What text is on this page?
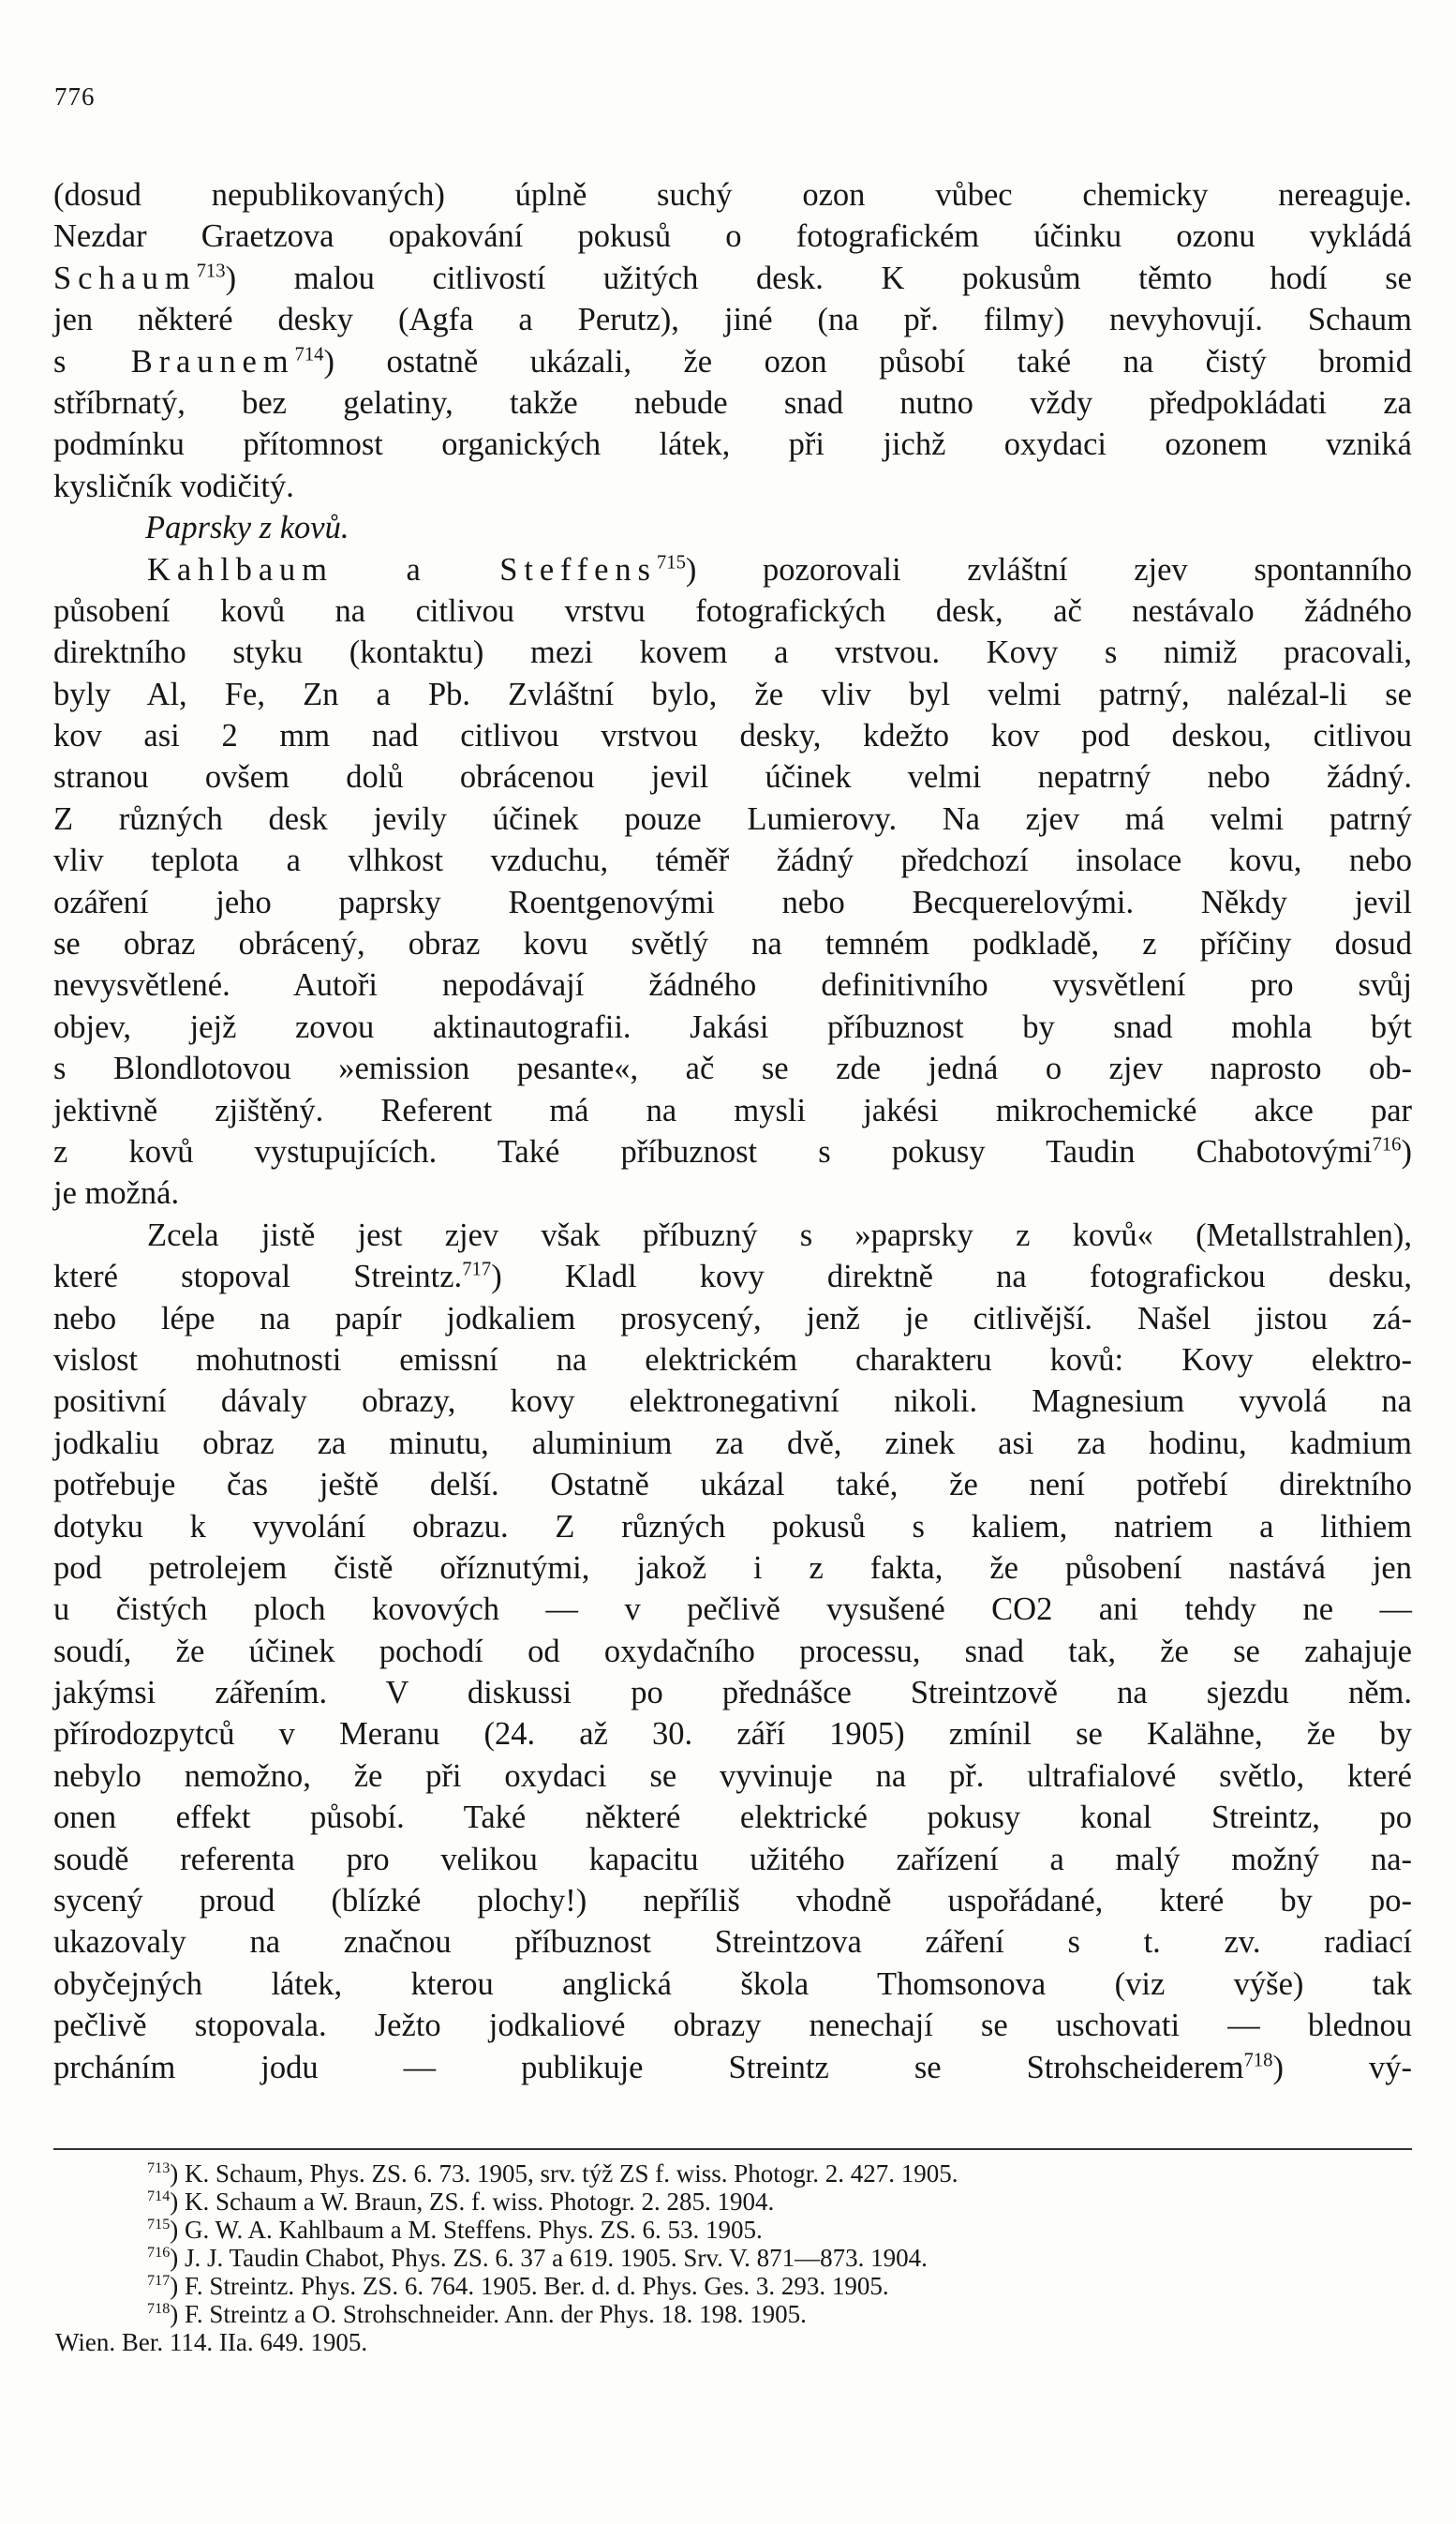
776
(dosud nepublikovaných) úplně suchý ozon vůbec chemicky nereaguje.
Nezdar Graetzova opakování pokusů o fotografickém účinku ozonu vykládá
Schaum$^{713}$) malou citlivostí užitých desk. K pokusům těmto hodí se
jen některé desky (Agfa a Perutz), jiné (na př. filmy) nevyhovují. Schaum
s Braunem$^{714}$) ostatně ukázali, že ozon působí také na čistý bromid
stříbrnatý, bez gelatiny, takže nebude snad nutno vždy předpokládati za
podmínku přítomnost organických látek, při jichž oxydaci ozonem vzniká
kysličník vodičitý.
Paprsky z kovů.
Kahlbaum a Steffens$^{715}$) pozorovali zvláštní zjev spontanního
působení kovů na citlivou vrstvu fotografických desk, ač nestávalo žádného
direktního styku (kontaktu) mezi kovem a vrstvou. Kovy s nimiž pracovali,
byly Al, Fe, Zn a Pb. Zvláštní bylo, že vliv byl velmi patrný, nalézal-li se
kov asi 2 mm nad citlivou vrstvou desky, kdežto kov pod deskou, citlivou
stranou ovšem dolů obrácenou jevil účinek velmi nepatrný nebo žádný.
Z různých desk jevily účinek pouze Lumierovy. Na zjev má velmi patrný
vliv teplota a vlhkost vzduchu, téměř žádný předchozí insolace kovu, nebo
ozáření jeho paprsky Roentgenovými nebo Becquerelovými. Někdy jevil
se obraz obrácený, obraz kovu světlý na temném podkladě, z příčiny dosud
nevysvětlené. Autoři nepodávají žádného definitivního vysvětlení pro svůj
objev, jejž zovou aktinautografii. Jakási příbuznost by snad mohla být
s Blondlotovou »emission pesante«, ač se zde jedná o zjev naprosto ob-
jektivně zjištěný. Referent má na mysli jakési mikrochemické akce par
z kovů vystupujících. Také příbuznost s pokusy Taudin Chabotovými$^{716}$)
je možná.
Zcela jistě jest zjev však příbuzný s »paprsky z kovů« (Metallstrahlen),
které stopoval Streintz.$^{717}$) Kladl kovy direktně na fotografickou desku,
nebo lépe na papír jodkaliem prosycený, jenž je citlivější. Našel jistou zá-
vislost mohutnosti emissní na elektrickém charakteru kovů: Kovy elektro-
positivní dávaly obrazy, kovy elektronegativní nikoli. Magnesium vyvolá na
jodkaliu obraz za minutu, aluminium za dvě, zinek asi za hodinu, kadmium
potřebuje čas ještě delší. Ostatně ukázal také, že není potřebí direktního
dotyku k vyvolání obrazu. Z různých pokusů s kaliem, natriem a lithiem
pod petrolejem čistě oříznutými, jakož i z fakta, že působení nastává jen
u čistých ploch kovových — v pečlivě vysušené CO2 ani tehdy ne —
soudí, že účinek pochodí od oxydačního processu, snad tak, že se zahajuje
jakýmsi zářením. V diskussi po přednášce Streintzově na sjezdu něm.
přírodozpytců v Meranu (24. až 30. září 1905) zmínil se Kalähne, že by
nebylo nemožno, že při oxydaci se vyvinuje na př. ultrafialové světlo, které
onen effekt působí. Také některé elektrické pokusy konal Streintz, po
soudě referenta pro velikou kapacitu užitého zařízení a malý možný na-
sycený proud (blízké plochy!) nepříliš vhodně uspořádané, které by po-
ukazovaly na značnou příbuznost Streintzova záření s t. zv. radiací
obyčejných látek, kterou anglická škola Thomsonova (viz výše) tak
pečlivě stopovala. Ježto jodkaliové obrazy nenechají se uschovati — blednou
prcháním jodu — publikuje Streintz se Strohscheiderem$^{718}$) vý-
$^{713}$) K. Schaum, Phys. ZS. 6. 73. 1905, srv. týž ZS f. wiss. Photogr. 2. 427. 1905.
$^{714}$) K. Schaum a W. Braun, ZS. f. wiss. Photogr. 2. 285. 1904.
$^{715}$) G. W. A. Kahlbaum a M. Steffens. Phys. ZS. 6. 53. 1905.
$^{716}$) J. J. Taudin Chabot, Phys. ZS. 6. 37 a 619. 1905. Srv. V. 871—873. 1904.
$^{717}$) F. Streintz. Phys. ZS. 6. 764. 1905. Ber. d. d. Phys. Ges. 3. 293. 1905.
$^{718}$) F. Streintz a O. Strohschneider. Ann. der Phys. 18. 198. 1905.
Wien. Ber. 114. IIa. 649. 1905.
